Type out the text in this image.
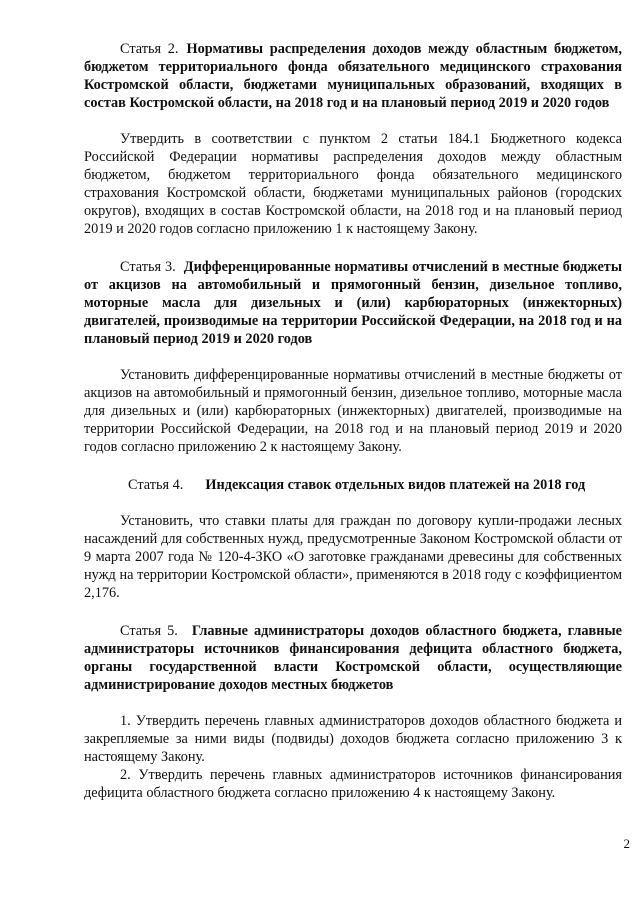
Статья 2. Нормативы распределения доходов между областным бюджетом, бюджетом территориального фонда обязательного медицинского страхования Костромской области, бюджетами муниципальных образований, входящих в состав Костромской области, на 2018 год и на плановый период 2019 и 2020 годов

Утвердить в соответствии с пунктом 2 статьи 184.1 Бюджетного кодекса Российской Федерации нормативы распределения доходов между областным бюджетом, бюджетом территориального фонда обязательного медицинского страхования Костромской области, бюджетами муниципальных районов (городских округов), входящих в состав Костромской области, на 2018 год и на плановый период 2019 и 2020 годов согласно приложению 1 к настоящему Закону.

Статья 3. Дифференцированные нормативы отчислений в местные бюджеты от акцизов на автомобильный и прямогонный бензин, дизельное топливо, моторные масла для дизельных и (или) карбюраторных (инжекторных) двигателей, производимые на территории Российской Федерации, на 2018 год и на плановый период 2019 и 2020 годов

Установить дифференцированные нормативы отчислений в местные бюджеты от акцизов на автомобильный и прямогонный бензин, дизельное топливо, моторные масла для дизельных и (или) карбюраторных (инжекторных) двигателей, производимые на территории Российской Федерации, на 2018 год и на плановый период 2019 и 2020 годов согласно приложению 2 к настоящему Закону.

Статья 4. Индексация ставок отдельных видов платежей на 2018 год

Установить, что ставки платы для граждан по договору купли-продажи лесных насаждений для собственных нужд, предусмотренные Законом Костромской области от 9 марта 2007 года № 120-4-ЗКО «О заготовке гражданами древесины для собственных нужд на территории Костромской области», применяются в 2018 году с коэффициентом 2,176.

Статья 5. Главные администраторы доходов областного бюджета, главные администраторы источников финансирования дефицита областного бюджета, органы государственной власти Костромской области, осуществляющие администрирование доходов местных бюджетов

1. Утвердить перечень главных администраторов доходов областного бюджета и закрепляемые за ними виды (подвиды) доходов бюджета согласно приложению 3 к настоящему Закону.

2. Утвердить перечень главных администраторов источников финансирования дефицита областного бюджета согласно приложению 4 к настоящему Закону.

2
